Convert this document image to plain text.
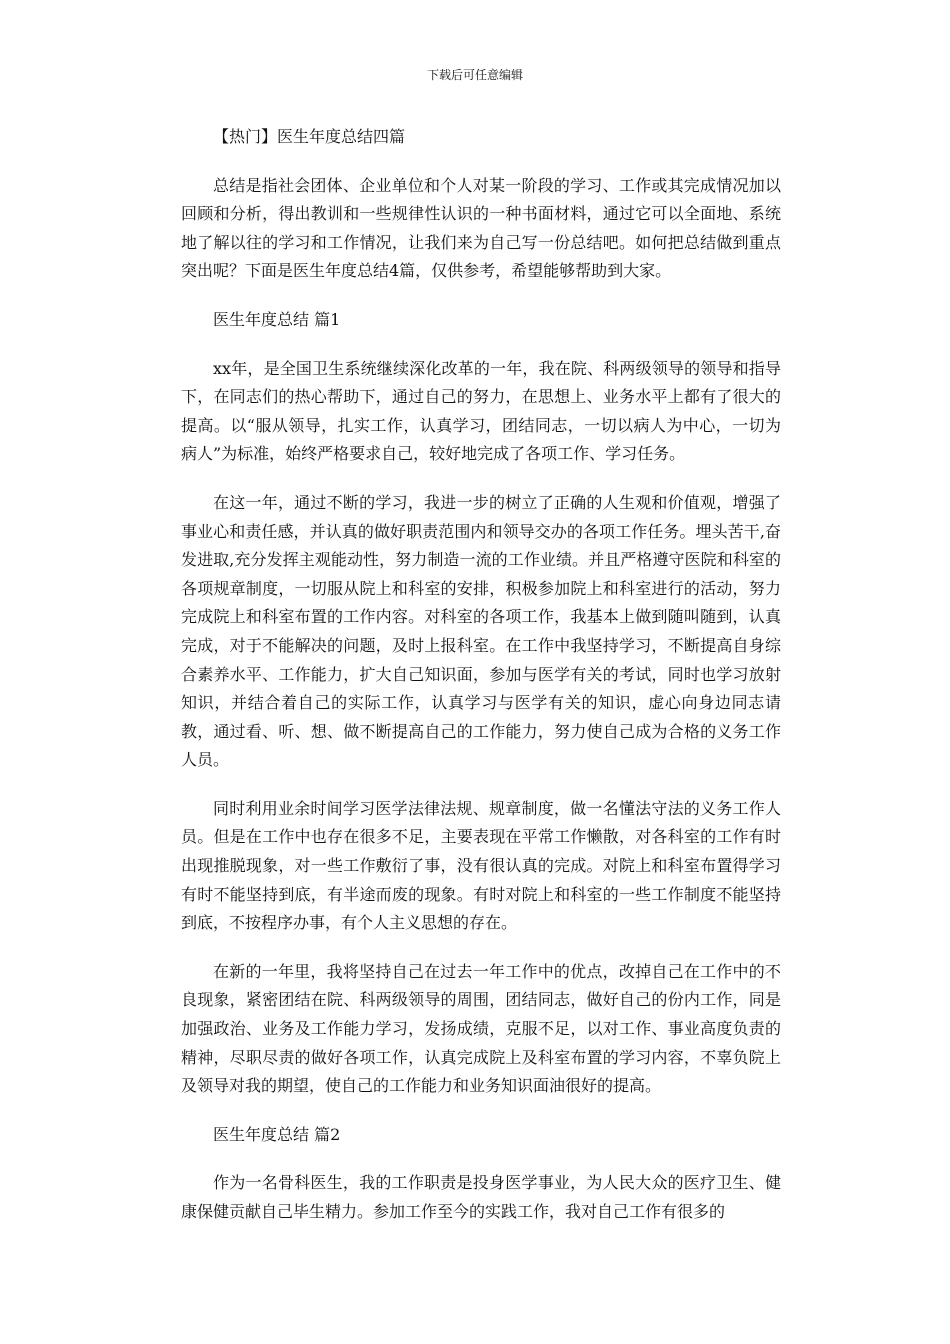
下载后可任意编辑
【热门】医生年度总结四篇

总结是指社会团体、企业单位和个人对某一阶段的学习、工作或其完成情况加以回顾和分析，得出教训和一些规律性认识的一种书面材料，通过它可以全面地、系统地了解以往的学习和工作情况，让我们来为自己写一份总结吧。如何把总结做到重点突出呢？下面是医生年度总结4篇，仅供参考，希望能够帮助到大家。

医生年度总结 篇1

xx年，是全国卫生系统继续深化改革的一年，我在院、科两级领导的领导和指导下，在同志们的热心帮助下，通过自己的努力，在思想上、业务水平上都有了很大的提高。以“服从领导，扎实工作，认真学习，团结同志，一切以病人为中心，一切为病人”为标准，始终严格要求自己，较好地完成了各项工作、学习任务。

在这一年，通过不断的学习，我进一步的树立了正确的人生观和价值观，增强了事业心和责任感，并认真的做好职责范围内和领导交办的各项工作任务。埋头苦干,奋发进取,充分发挥主观能动性，努力制造一流的工作业绩。并且严格遵守医院和科室的各项规章制度，一切服从院上和科室的安排，积极参加院上和科室进行的活动，努力完成院上和科室布置的工作内容。对科室的各项工作，我基本上做到随叫随到，认真完成，对于不能解决的问题，及时上报科室。在工作中我坚持学习，不断提高自身综合素养水平、工作能力，扩大自己知识面，参加与医学有关的考试，同时也学习放射知识，并结合着自己的实际工作，认真学习与医学有关的知识，虚心向身边同志请教，通过看、听、想、做不断提高自己的工作能力，努力使自己成为合格的义务工作人员。

同时利用业余时间学习医学法律法规、规章制度，做一名懂法守法的义务工作人员。但是在工作中也存在很多不足，主要表现在平常工作懒散，对各科室的工作有时出现推脱现象，对一些工作敷衍了事，没有很认真的完成。对院上和科室布置得学习有时不能坚持到底，有半途而废的现象。有时对院上和科室的一些工作制度不能坚持到底，不按程序办事，有个人主义思想的存在。

在新的一年里，我将坚持自己在过去一年工作中的优点，改掉自己在工作中的不良现象，紧密团结在院、科两级领导的周围，团结同志，做好自己的份内工作，同是加强政治、业务及工作能力学习，发扬成绩，克服不足，以对工作、事业高度负责的精神，尽职尽责的做好各项工作，认真完成院上及科室布置的学习内容，不辜负院上及领导对我的期望，使自己的工作能力和业务知识面油很好的提高。

医生年度总结 篇2

作为一名骨科医生，我的工作职责是投身医学事业，为人民大众的医疗卫生、健康保健贡献自己毕生精力。参加工作至今的实践工作，我对自己工作有很多的
